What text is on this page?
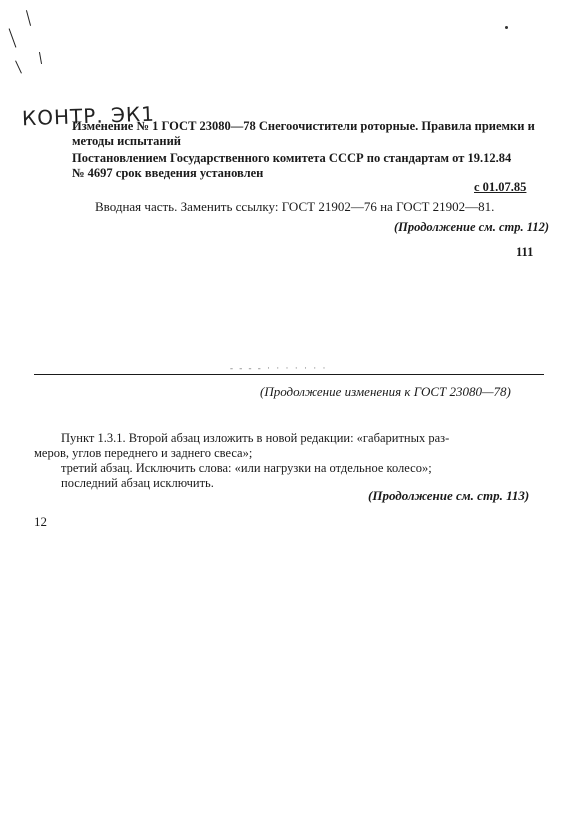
КОНТР. ЭК1
Изменение № 1 ГОСТ 23080—78 Снегоочистители роторные. Правила приемки и
методы испытаний
Постановлением Государственного комитета СССР по стандартам от 19.12.84
№ 4697 срок введения установлен
с 01.07.85
Вводная часть. Заменить ссылку: ГОСТ 21902—76 на ГОСТ 21902—81.
(Продолжение см. стр. 112)
111
- - - - · · · · · · ·
(Продолжение изменения к ГОСТ 23080—78)
Пункт 1.3.1. Второй абзац изложить в новой редакции: «габаритных раз-
меров, углов переднего и заднего свеса»;
третий абзац. Исключить слова: «или нагрузки на отдельное колесо»;
последний абзац исключить.
(Продолжение см. стр. 113)
12
